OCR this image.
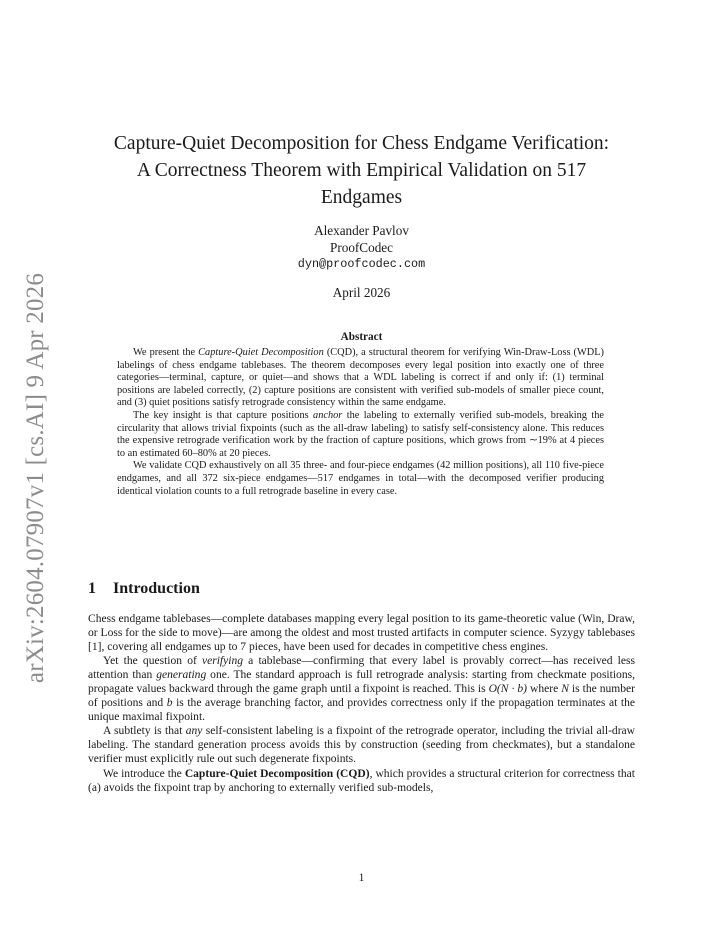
arXiv:2604.07907v1 [cs.AI] 9 Apr 2026
Capture-Quiet Decomposition for Chess Endgame Verification:
A Correctness Theorem with Empirical Validation on 517
Endgames
Alexander Pavlov
ProofCodec
dyn@proofcodec.com
April 2026
Abstract

We present the Capture-Quiet Decomposition (CQD), a structural theorem for verifying Win-Draw-Loss (WDL) labelings of chess endgame tablebases. The theorem decomposes every legal position into exactly one of three categories—terminal, capture, or quiet—and shows that a WDL labeling is correct if and only if: (1) terminal positions are labeled correctly, (2) capture positions are consistent with verified sub-models of smaller piece count, and (3) quiet positions satisfy retrograde consistency within the same endgame.

The key insight is that capture positions anchor the labeling to externally verified sub-models, breaking the circularity that allows trivial fixpoints (such as the all-draw labeling) to satisfy self-consistency alone. This reduces the expensive retrograde verification work by the fraction of capture positions, which grows from ∼19% at 4 pieces to an estimated 60–80% at 20 pieces.

We validate CQD exhaustively on all 35 three- and four-piece endgames (42 million positions), all 110 five-piece endgames, and all 372 six-piece endgames—517 endgames in total—with the decomposed verifier producing identical violation counts to a full retrograde baseline in every case.

1 Introduction

Chess endgame tablebases—complete databases mapping every legal position to its game-theoretic value (Win, Draw, or Loss for the side to move)—are among the oldest and most trusted artifacts in computer science. Syzygy tablebases [1], covering all endgames up to 7 pieces, have been used for decades in competitive chess engines.

Yet the question of verifying a tablebase—confirming that every label is provably correct—has received less attention than generating one. The standard approach is full retrograde analysis: starting from checkmate positions, propagate values backward through the game graph until a fixpoint is reached. This is O(N · b) where N is the number of positions and b is the average branching factor, and provides correctness only if the propagation terminates at the unique maximal fixpoint.

A subtlety is that any self-consistent labeling is a fixpoint of the retrograde operator, including the trivial all-draw labeling. The standard generation process avoids this by construction (seeding from checkmates), but a standalone verifier must explicitly rule out such degenerate fixpoints.

We introduce the Capture-Quiet Decomposition (CQD), which provides a structural criterion for correctness that (a) avoids the fixpoint trap by anchoring to externally verified sub-models,

1
